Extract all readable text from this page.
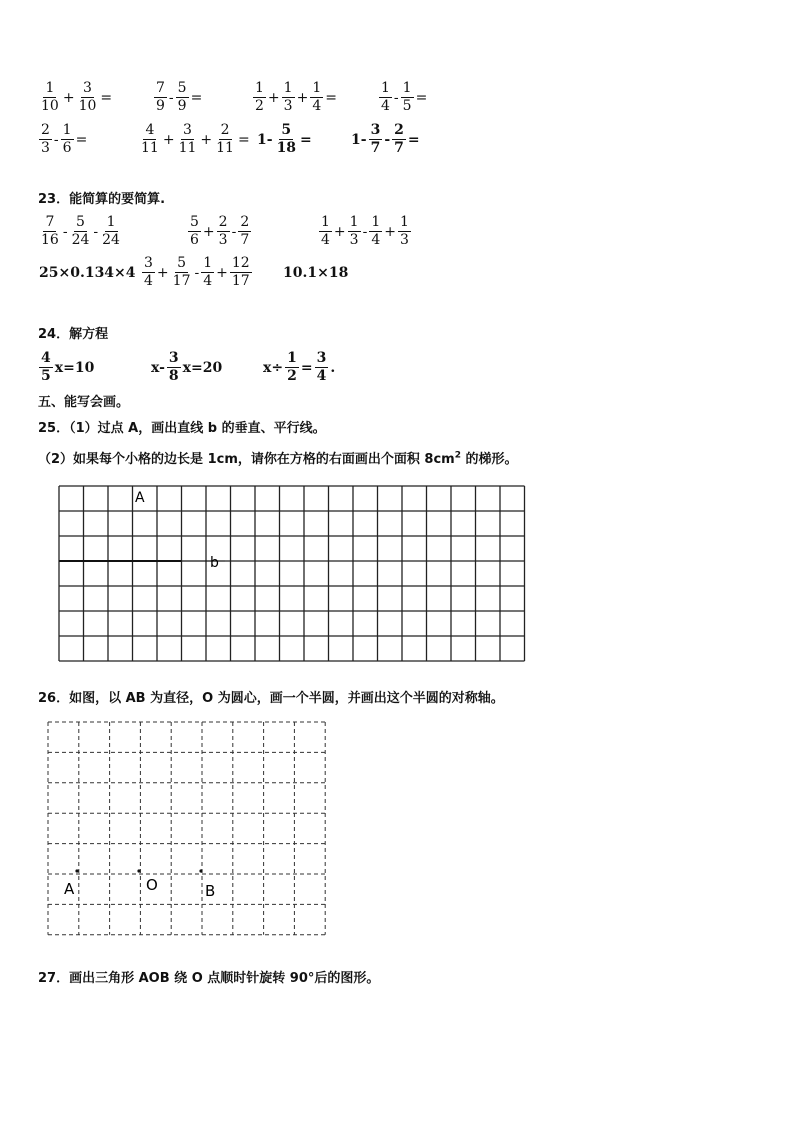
$\frac{1}{10} + \frac{3}{10}$ =	$\frac{7}{9} - \frac{5}{9}$ =	$\frac{1}{2} + \frac{1}{3} + \frac{1}{4}$ =	$\frac{1}{4} - \frac{1}{5}$ =
$\frac{2}{3} - \frac{1}{6}$ =	$\frac{4}{11} + \frac{3}{11} + \frac{2}{11} = 1- \frac{5}{18}$ =	$1- \frac{3}{7} - \frac{2}{7}$ =
23．能简算的要简算.
$\frac{7}{16} - \frac{5}{24} - \frac{1}{24}$	$\frac{5}{6} + \frac{2}{3} - \frac{2}{7}$	$\frac{1}{4} + \frac{1}{3} - \frac{1}{4} + \frac{1}{3}$
$25\times 0.134\times 4 \frac{3}{4} + \frac{5}{17} - \frac{1}{4} + \frac{12}{17} 10.1\times 18$
24．解方程
$\frac{4}{5} x=10$	$x- \frac{3}{8} x=20$	$x\div \frac{1}{2} = \frac{3}{4}$ .
五、能写会画。
25．（1）过点 A，画出直线 b 的垂直、平行线。
（2）如果每个小格的边长是 1cm，请你在方格的右面画出个面积 $8cm^2$ 的梯形。
A
b
26．如图，以 AB 为直径，O 为圆心，画一个半圆，并画出这个半圆的对称轴。
A	O	B
27．画出三角形 AOB 绕 O 点顺时针旋转 90°后的图形。
